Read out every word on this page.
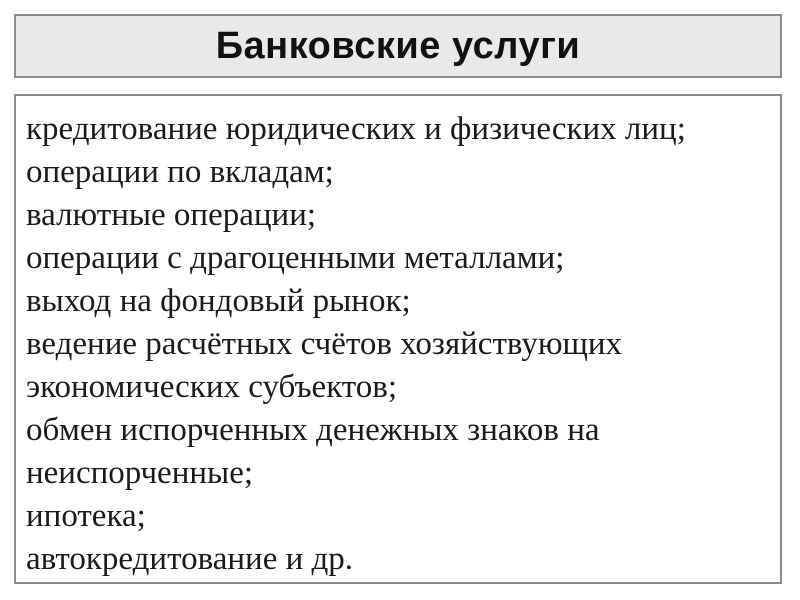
Банковские услуги
кредитование юридических и физических лиц;
операции по вкладам;
валютные операции;
операции с драгоценными металлами;
выход на фондовый рынок;
ведение расчётных счётов хозяйствующих экономических субъектов;
обмен испорченных денежных знаков на неиспорченные;
ипотека;
автокредитование и др.
